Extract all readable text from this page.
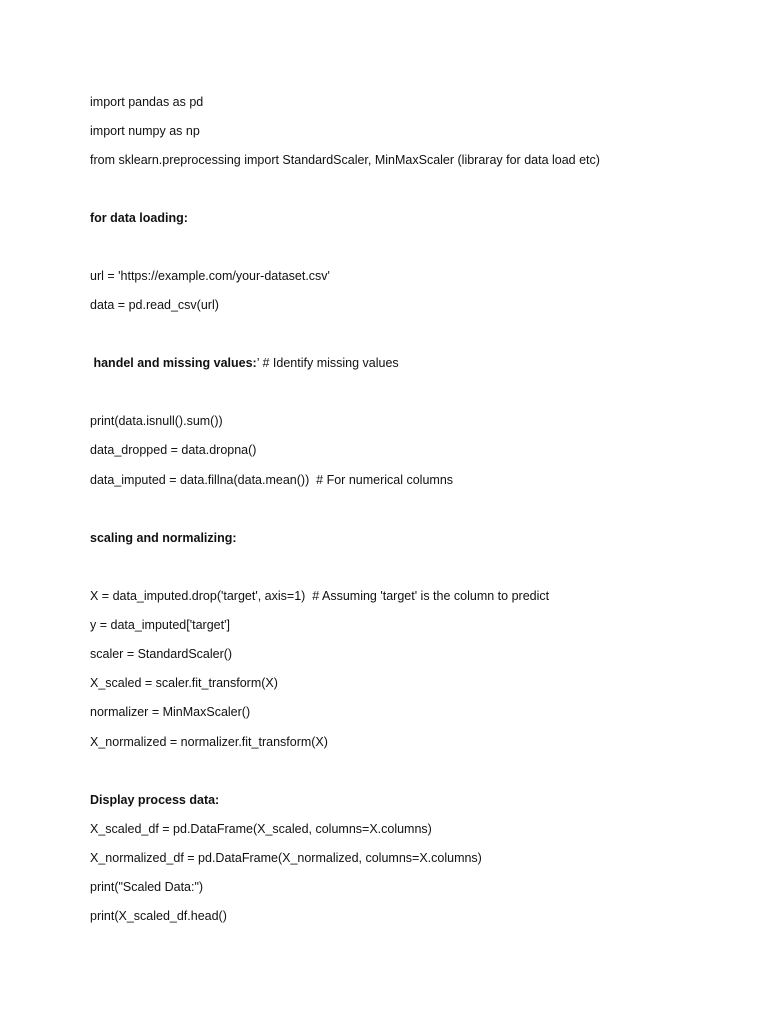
import pandas as pd
import numpy as np
from sklearn.preprocessing import StandardScaler, MinMaxScaler (libraray for data load etc)
for data loading:
url = 'https://example.com/your-dataset.csv'
data = pd.read_csv(url)
handel and missing values:’ # Identify missing values
print(data.isnull().sum())
data_dropped = data.dropna()
data_imputed = data.fillna(data.mean())  # For numerical columns
scaling and normalizing:
X = data_imputed.drop('target', axis=1)  # Assuming 'target' is the column to predict
y = data_imputed['target']
scaler = StandardScaler()
X_scaled = scaler.fit_transform(X)
normalizer = MinMaxScaler()
X_normalized = normalizer.fit_transform(X)
Display process data:
X_scaled_df = pd.DataFrame(X_scaled, columns=X.columns)
X_normalized_df = pd.DataFrame(X_normalized, columns=X.columns)
print("Scaled Data:")
print(X_scaled_df.head()
